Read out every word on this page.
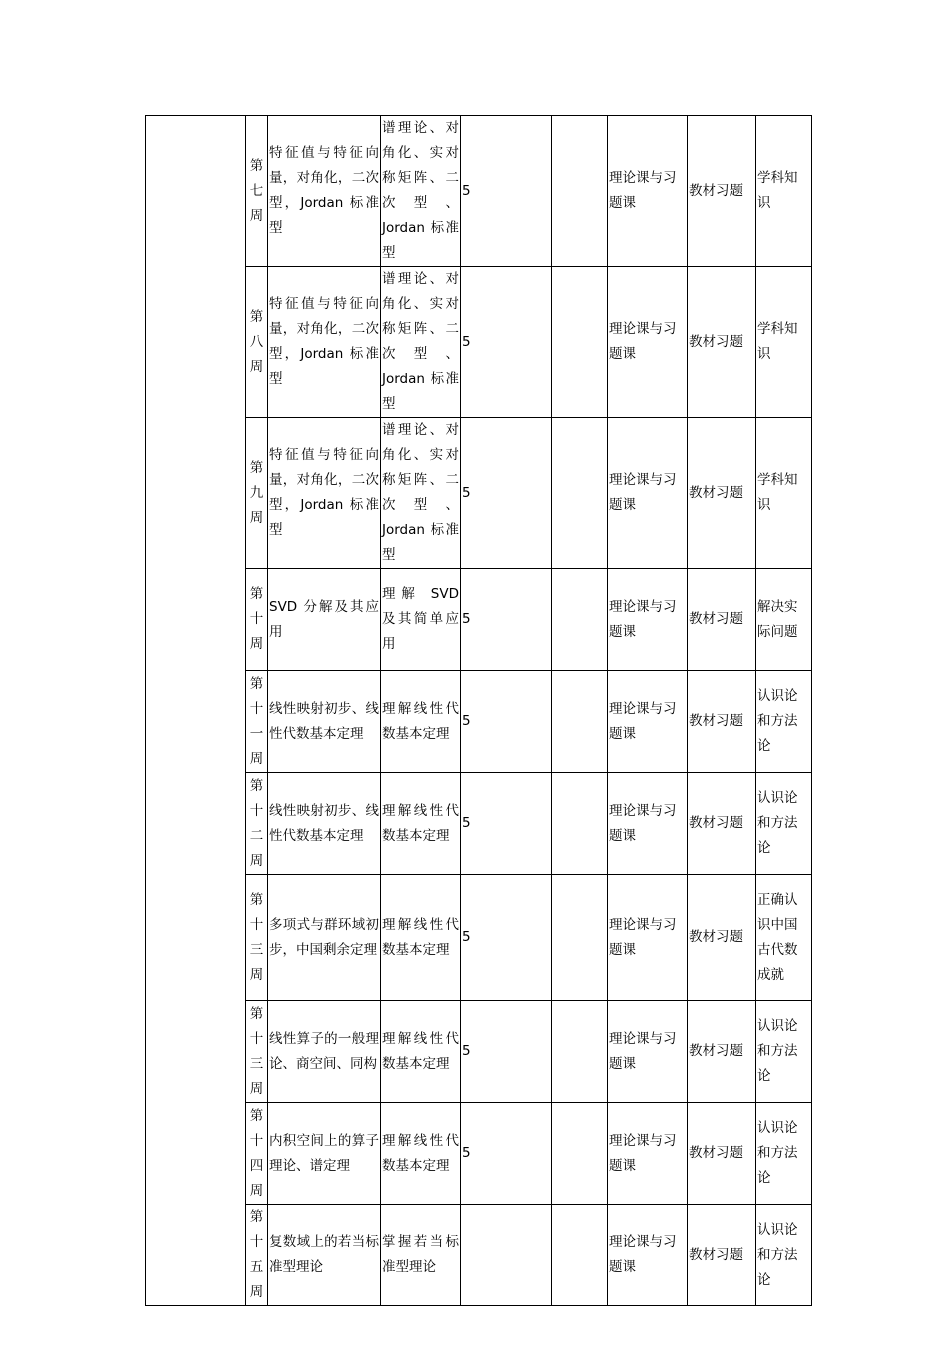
	第
七
周	特征值与特征向量，对角化，二次型，Jordan 标准型	谱理论、对角化、实对称矩阵、二次型、Jordan 标准型	5		理论课与习题课	教材习题	学科知识	

	第
八
周	特征值与特征向量，对角化，二次型，Jordan 标准型	谱理论、对角化、实对称矩阵、二次型、Jordan 标准型	5		理论课与习题课	教材习题	学科知识	

	第
九
周	特征值与特征向量，对角化，二次型，Jordan 标准型	谱理论、对角化、实对称矩阵、二次型、Jordan 标准型	5		理论课与习题课	教材习题	学科知识	

	第
十
周	SVD 分解及其应用	理解 SVD 及其简单应用	5		理论课与习题课	教材习题	解决实际问题	

	第
十
一
周	线性映射初步、线性代数基本定理	理解线性代数基本定理	5		理论课与习题课	教材习题	认识论和方法论	

	第
十
二
周	线性映射初步、线性代数基本定理	理解线性代数基本定理	5		理论课与习题课	教材习题	认识论和方法论	

	第
十
三
周	多项式与群环域初步，中国剩余定理	理解线性代数基本定理	5		理论课与习题课	教材习题	正确认识中国古代数成就	

	第
十
三
周	线性算子的一般理论、商空间、同构	理解线性代数基本定理	5		理论课与习题课	教材习题	认识论和方法论	

	第
十
四
周	内积空间上的算子理论、谱定理	理解线性代数基本定理	5		理论课与习题课	教材习题	认识论和方法论	

	第
十
五
周	复数域上的若当标准型理论	掌握若当标准型理论			理论课与习题课	教材习题	认识论和方法论	
